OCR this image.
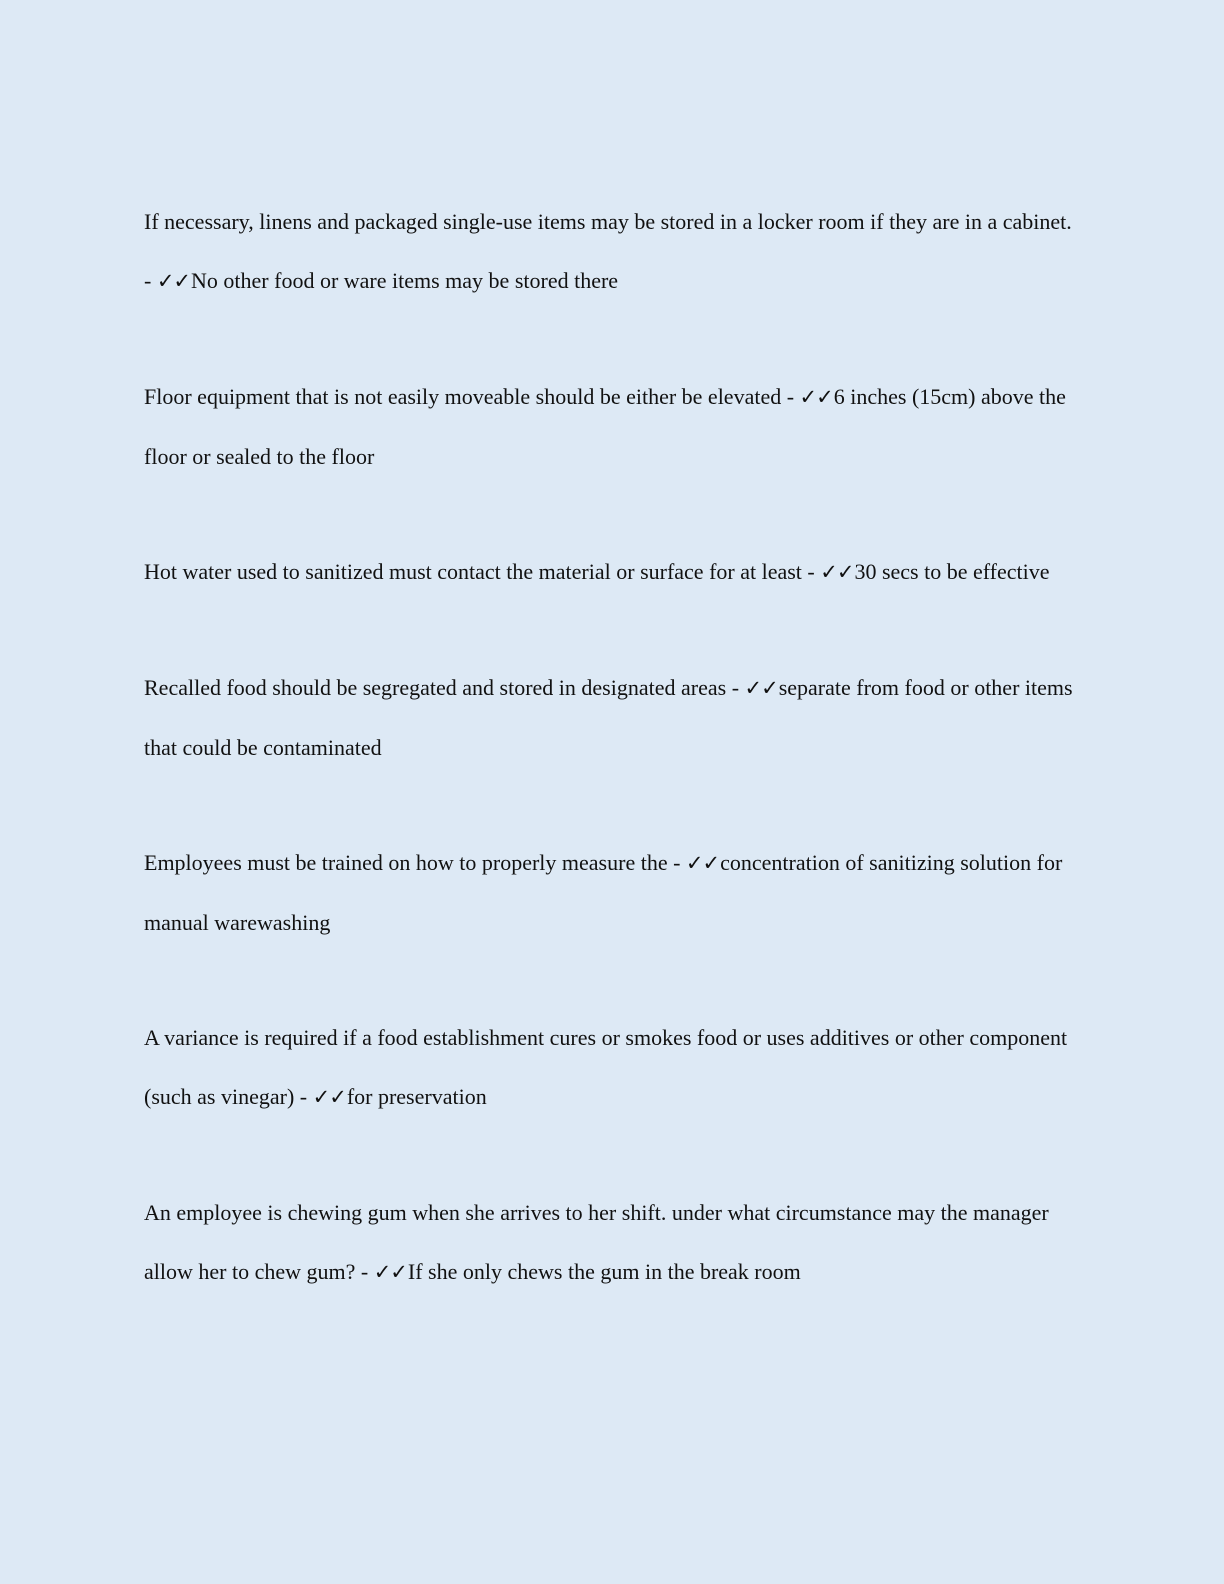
If necessary, linens and packaged single-use items may be stored in a locker room if they are in a cabinet. - ✓✓No other food or ware items may be stored there

Floor equipment that is not easily moveable should be either be elevated - ✓✓6 inches (15cm) above the floor or sealed to the floor

Hot water used to sanitized must contact the material or surface for at least - ✓✓30 secs to be effective

Recalled food should be segregated and stored in designated areas - ✓✓separate from food or other items that could be contaminated

Employees must be trained on how to properly measure the - ✓✓concentration of sanitizing solution for manual warewashing

A variance is required if a food establishment cures or smokes food or uses additives or other component (such as vinegar) - ✓✓for preservation

An employee is chewing gum when she arrives to her shift. under what circumstance may the manager allow her to chew gum? - ✓✓If she only chews the gum in the break room
